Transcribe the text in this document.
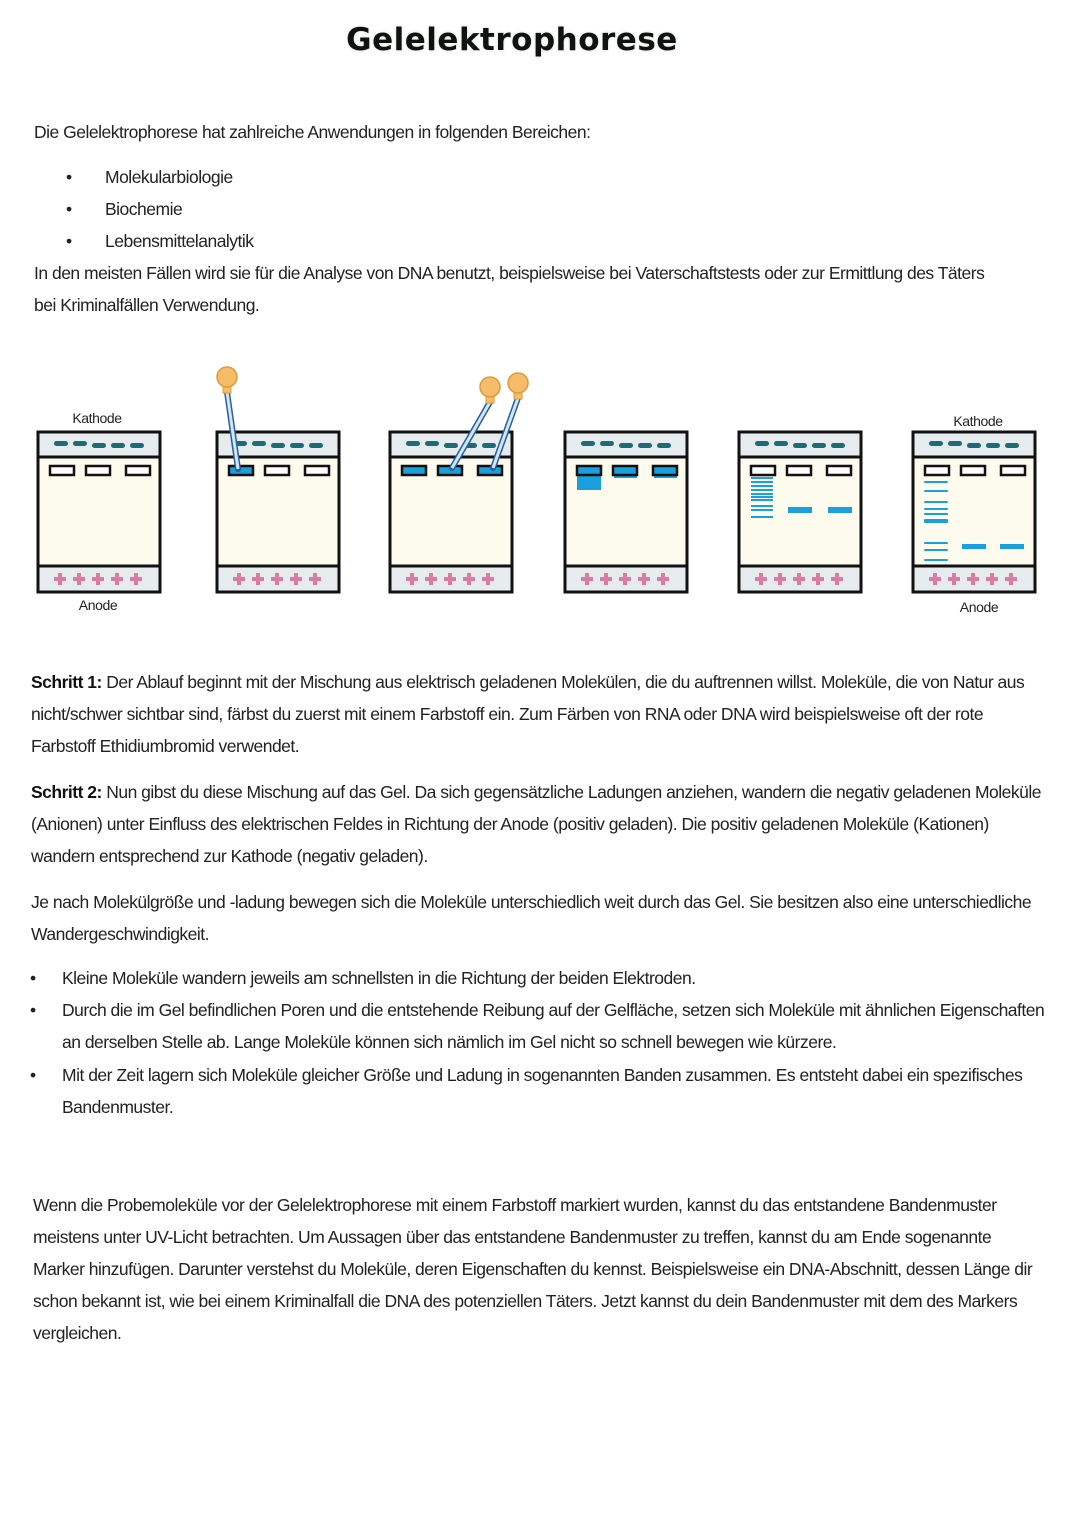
Gelelektrophorese
Die Gelelektrophorese hat zahlreiche Anwendungen in folgenden Bereichen:
• Molekularbiologie
• Biochemie
• Lebensmittelanalytik
In den meisten Fällen wird sie für die Analyse von DNA benutzt, beispielsweise bei Vaterschaftstests oder zur Ermittlung des Täters
bei Kriminalfällen Verwendung.
Kathode
Anode
Kathode
Anode
Schritt 1: Der Ablauf beginnt mit der Mischung aus elektrisch geladenen Molekülen, die du auftrennen willst. Moleküle, die von Natur aus
nicht/schwer sichtbar sind, färbst du zuerst mit einem Farbstoff ein. Zum Färben von RNA oder DNA wird beispielsweise oft der rote
Farbstoff Ethidiumbromid verwendet.
Schritt 2: Nun gibst du diese Mischung auf das Gel. Da sich gegensätzliche Ladungen anziehen, wandern die negativ geladenen Moleküle
(Anionen) unter Einfluss des elektrischen Feldes in Richtung der Anode (positiv geladen). Die positiv geladenen Moleküle (Kationen)
wandern entsprechend zur Kathode (negativ geladen).
Je nach Molekülgröße und -ladung bewegen sich die Moleküle unterschiedlich weit durch das Gel. Sie besitzen also eine unterschiedliche
Wandergeschwindigkeit.
• Kleine Moleküle wandern jeweils am schnellsten in die Richtung der beiden Elektroden.
• Durch die im Gel befindlichen Poren und die entstehende Reibung auf der Gelfläche, setzen sich Moleküle mit ähnlichen Eigenschaften
an derselben Stelle ab. Lange Moleküle können sich nämlich im Gel nicht so schnell bewegen wie kürzere.
• Mit der Zeit lagern sich Moleküle gleicher Größe und Ladung in sogenannten Banden zusammen. Es entsteht dabei ein spezifisches
Bandenmuster.
Wenn die Probemoleküle vor der Gelelektrophorese mit einem Farbstoff markiert wurden, kannst du das entstandene Bandenmuster
meistens unter UV-Licht betrachten. Um Aussagen über das entstandene Bandenmuster zu treffen, kannst du am Ende sogenannte
Marker hinzufügen. Darunter verstehst du Moleküle, deren Eigenschaften du kennst. Beispielsweise ein DNA-Abschnitt, dessen Länge dir
schon bekannt ist, wie bei einem Kriminalfall die DNA des potenziellen Täters. Jetzt kannst du dein Bandenmuster mit dem des Markers
vergleichen.
